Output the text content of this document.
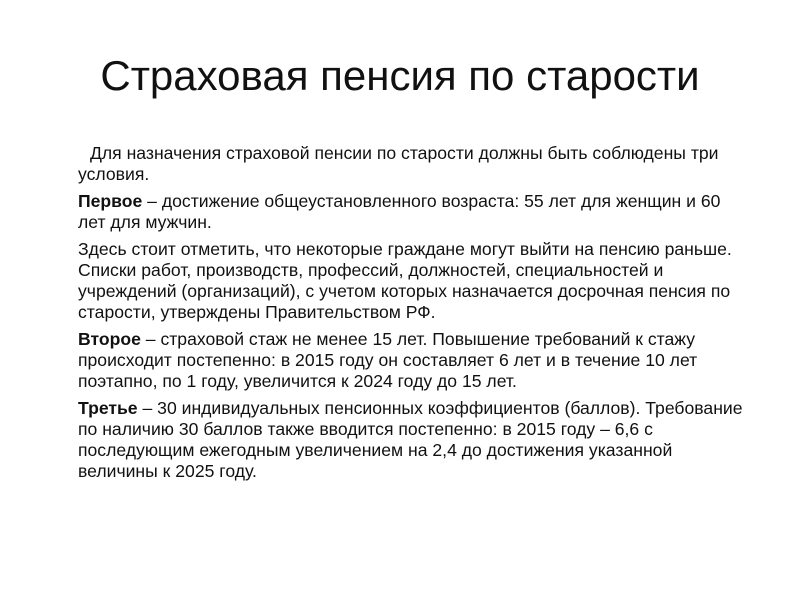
Страховая пенсия по старости

Для назначения страховой пенсии по старости должны быть соблюдены три условия.

Первое – достижение общеустановленного возраста: 55 лет для женщин и 60 лет для мужчин.

Здесь стоит отметить, что некоторые граждане могут выйти на пенсию раньше. Списки работ, производств, профессий, должностей, специальностей и учреждений (организаций), с учетом которых назначается досрочная пенсия по старости, утверждены Правительством РФ.

Второе – страховой стаж не менее 15 лет. Повышение требований к стажу происходит постепенно: в 2015 году он составляет 6 лет и в течение 10 лет поэтапно, по 1 году, увеличится к 2024 году до 15 лет.

Третье – 30 индивидуальных пенсионных коэффициентов (баллов). Требование по наличию 30 баллов также вводится постепенно: в 2015 году – 6,6 с последующим ежегодным увеличением на 2,4 до достижения указанной величины к 2025 году.
